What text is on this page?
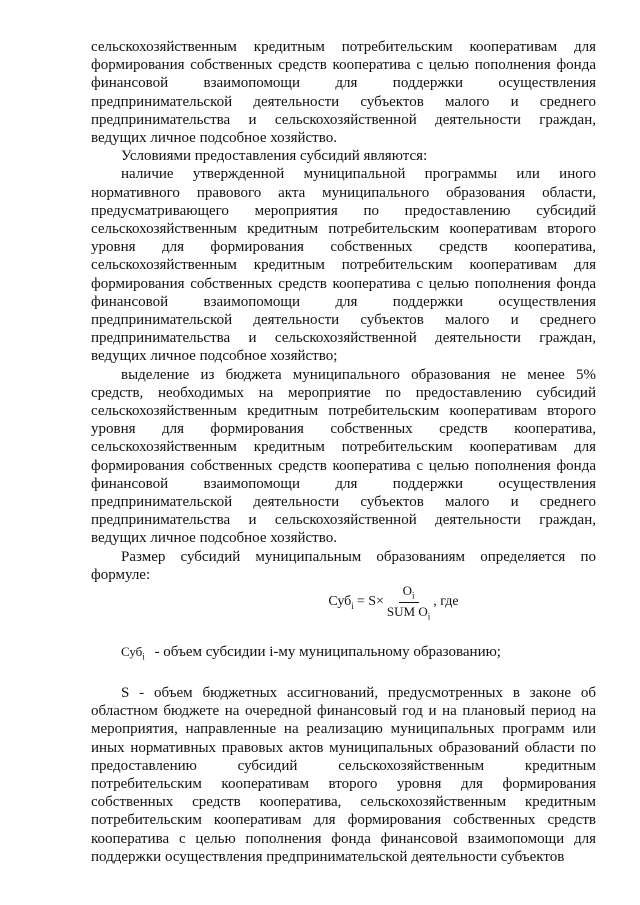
сельскохозяйственным кредитным потребительским кооперативам для формирования собственных средств кооператива с целью пополнения фонда финансовой взаимопомощи для поддержки осуществления предпринимательской деятельности субъектов малого и среднего предпринимательства и сельскохозяйственной деятельности граждан, ведущих личное подсобное хозяйство.

Условиями предоставления субсидий являются:

наличие утвержденной муниципальной программы или иного нормативного правового акта муниципального образования области, предусматривающего мероприятия по предоставлению субсидий сельскохозяйственным кредитным потребительским кооперативам второго уровня для формирования собственных средств кооператива, сельскохозяйственным кредитным потребительским кооперативам для формирования собственных средств кооператива с целью пополнения фонда финансовой взаимопомощи для поддержки осуществления предпринимательской деятельности субъектов малого и среднего предпринимательства и сельскохозяйственной деятельности граждан, ведущих личное подсобное хозяйство;

выделение из бюджета муниципального образования не менее 5% средств, необходимых на мероприятие по предоставлению субсидий сельскохозяйственным кредитным потребительским кооперативам второго уровня для формирования собственных средств кооператива, сельскохозяйственным кредитным потребительским кооперативам для формирования собственных средств кооператива с целью пополнения фонда финансовой взаимопомощи для поддержки осуществления предпринимательской деятельности субъектов малого и среднего предпринимательства и сельскохозяйственной деятельности граждан, ведущих личное подсобное хозяйство.

Размер субсидий муниципальным образованиям определяется по формуле:

$Суб_i = S\times \frac{O_i}{SUM O_i}$ , где
Суб$_i$ - объем субсидии i-му муниципальному образованию;

S - объем бюджетных ассигнований, предусмотренных в законе об областном бюджете на очередной финансовый год и на плановый период на мероприятия, направленные на реализацию муниципальных программ или иных нормативных правовых актов муниципальных образований области по предоставлению субсидий сельскохозяйственным кредитным потребительским кооперативам второго уровня для формирования собственных средств кооператива, сельскохозяйственным кредитным потребительским кооперативам для формирования собственных средств кооператива с целью пополнения фонда финансовой взаимопомощи для поддержки осуществления предпринимательской деятельности субъектов
